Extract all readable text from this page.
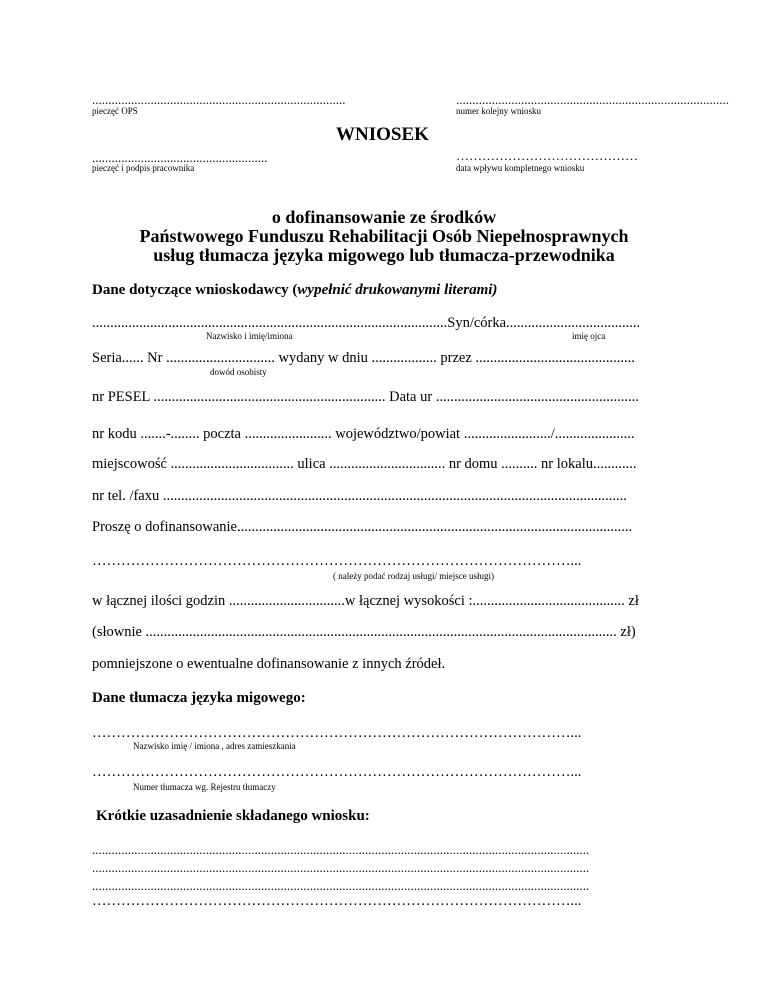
..............................................................................
pieczęć OPS
....................................................................................
numer kolejny wniosku
WNIOSEK
......................................................
pieczęć i podpis pracownika
……………………………………
data wpływu kompletnego wniosku
o dofinansowanie ze środków
Państwowego Funduszu Rehabilitacji Osób Niepełnosprawnych
usług tłumacza języka migowego lub tłumacza-przewodnika
Dane dotyczące wnioskodawcy (wypełnić drukowanymi literami)
..................................................................................................Syn/córka.....................................
Nazwisko i imię/imiona	imię ojca
Seria...... Nr .............................. wydany w dniu .................. przez ............................................
dowód osobisty
nr PESEL ................................................................ Data ur ........................................................
nr kodu .......-........ poczta ........................ województwo/powiat ......................../......................
miejscowość .................................. ulica ................................ nr domu .......... nr lokalu............
nr tel. /faxu ................................................................................................................................
Proszę o dofinansowanie.............................................................................................................
………………………………………………………………………………………...
( należy podać rodzaj usługi/ miejsce usługi)
w łącznej ilości godzin ................................w łącznej wysokości :.......................................... zł
(słownie .................................................................................................................................. zł)
pomniejszone o ewentualne dofinansowanie z innych źródeł.
Dane tłumacza języka migowego:
………………………………………………………………………………………...
Nazwisko imię / imiona , adres zamieszkania
………………………………………………………………………………………...
Numer tłumacza wg. Rejestru tłumaczy
Krótkie uzasadnienie składanego wniosku:
.........................................................................................................................................................
.........................................................................................................................................................
.........................................................................................................................................................
………………………………………………………………………………………...
